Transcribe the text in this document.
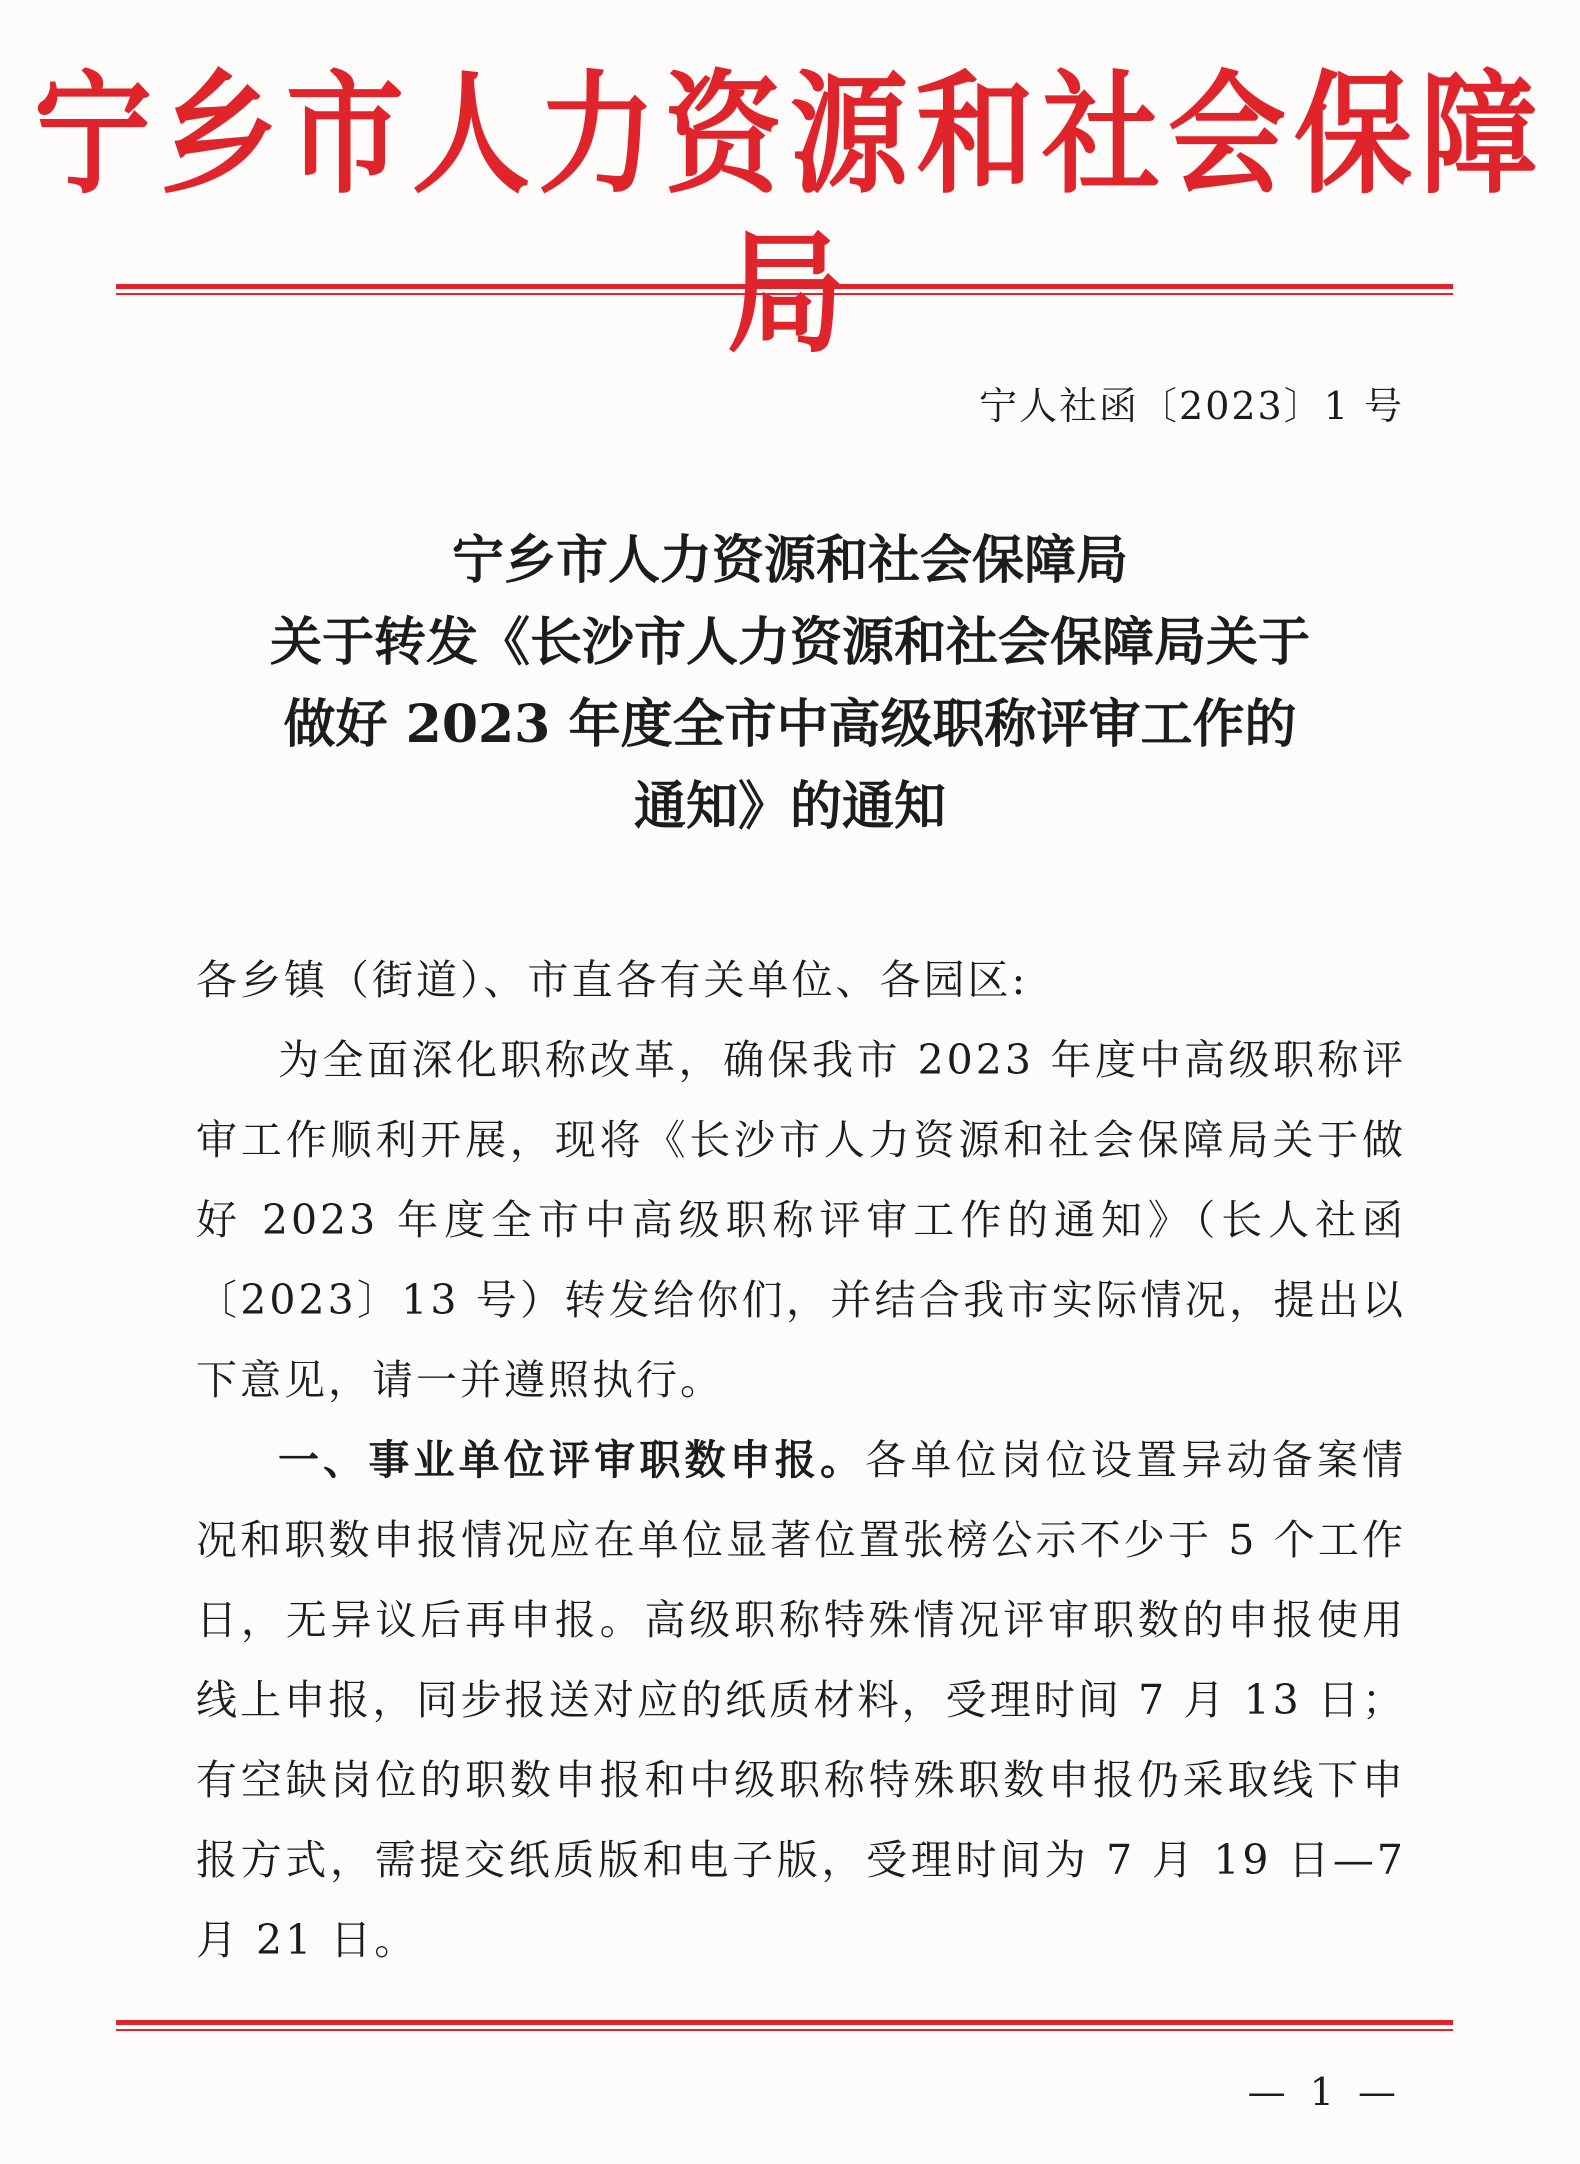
宁乡市人力资源和社会保障局
宁人社函〔2023〕1 号
宁乡市人力资源和社会保障局
关于转发《长沙市人力资源和社会保障局关于
做好 2023 年度全市中高级职称评审工作的
通知》的通知

各乡镇（街道）、市直各有关单位、各园区:

为全面深化职称改革，确保我市 2023 年度中高级职称评审工作顺利开展，现将《长沙市人力资源和社会保障局关于做好 2023 年度全市中高级职称评审工作的通知》（长人社函〔2023〕13 号）转发给你们，并结合我市实际情况，提出以下意见，请一并遵照执行。

一、事业单位评审职数申报。各单位岗位设置异动备案情况和职数申报情况应在单位显著位置张榜公示不少于 5 个工作日，无异议后再申报。高级职称特殊情况评审职数的申报使用线上申报，同步报送对应的纸质材料，受理时间 7 月 13 日；有空缺岗位的职数申报和中级职称特殊职数申报仍采取线下申报方式，需提交纸质版和电子版，受理时间为 7 月 19 日—7 月 21 日。

— 1 —
